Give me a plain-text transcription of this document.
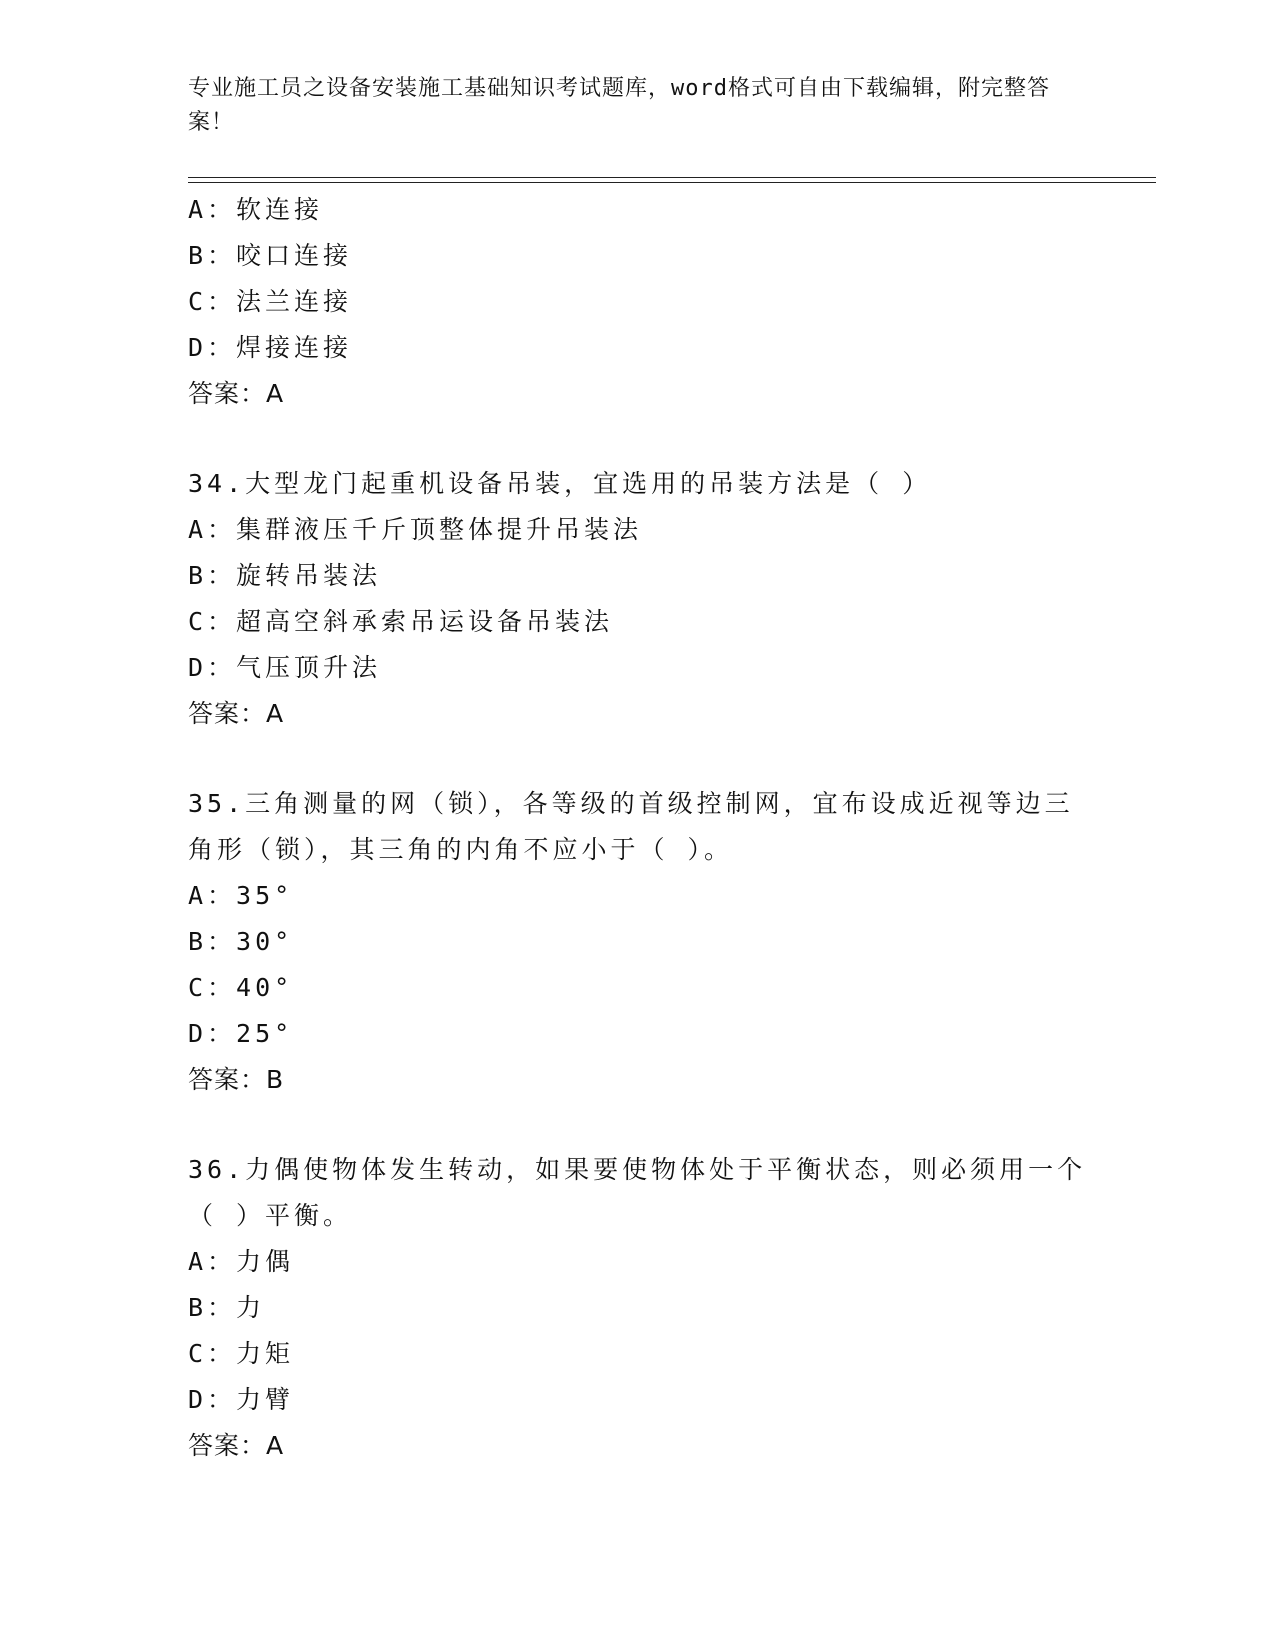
专业施工员之设备安装施工基础知识考试题库，word格式可自由下载编辑，附完整答案！
A：软连接
B：咬口连接
C：法兰连接
D：焊接连接
答案：A
34.大型龙门起重机设备吊装，宜选用的吊装方法是（ ）
A：集群液压千斤顶整体提升吊装法
B：旋转吊装法
C：超高空斜承索吊运设备吊装法
D：气压顶升法
答案：A
35.三角测量的网（锁），各等级的首级控制网，宜布设成近视等边三角形（锁），其三角的内角不应小于（ ）。
A：35°
B：30°
C：40°
D：25°
答案：B
36.力偶使物体发生转动，如果要使物体处于平衡状态，则必须用一个（ ）平衡。
A：力偶
B：力
C：力矩
D：力臂
答案：A
